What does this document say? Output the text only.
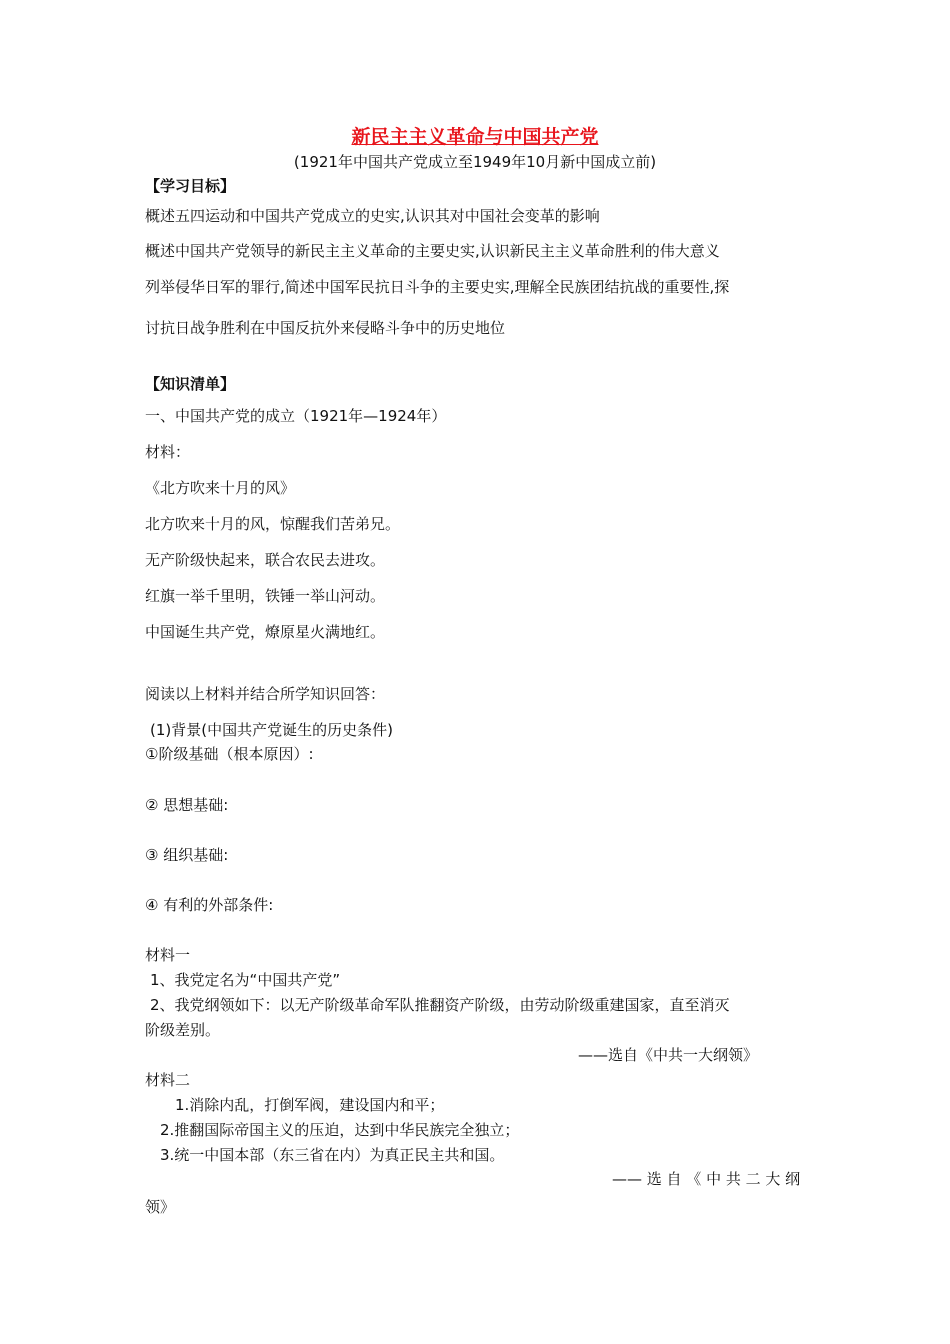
新民主主义革命与中国共产党
(1921年中国共产党成立至1949年10月新中国成立前)
【学习目标】
概述五四运动和中国共产党成立的史实,认识其对中国社会变革的影响
概述中国共产党领导的新民主主义革命的主要史实,认识新民主主义革命胜利的伟大意义
列举侵华日军的罪行,简述中国军民抗日斗争的主要史实,理解全民族团结抗战的重要性,探
讨抗日战争胜利在中国反抗外来侵略斗争中的历史地位
【知识清单】
一、中国共产党的成立（1921年—1924年）
材料：
《北方吹来十月的风》
北方吹来十月的风，惊醒我们苦弟兄。
无产阶级快起来，联合农民去进攻。
红旗一举千里明，铁锤一举山河动。
中国诞生共产党，燎原星火满地红。
阅读以上材料并结合所学知识回答：
(1)背景(中国共产党诞生的历史条件)
①阶级基础（根本原因）:
② 思想基础:
③ 组织基础:
④ 有利的外部条件:
材料一
1、我党定名为“中国共产党”
2、我党纲领如下：以无产阶级革命军队推翻资产阶级，由劳动阶级重建国家，直至消灭
阶级差别。
——选自《中共一大纲领》
材料二
1.消除内乱，打倒军阀，建设国内和平；
2.推翻国际帝国主义的压迫，达到中华民族完全独立；
3.统一中国本部（东三省在内）为真正民主共和国。
—— 选 自 《 中 共 二 大 纲
领》
